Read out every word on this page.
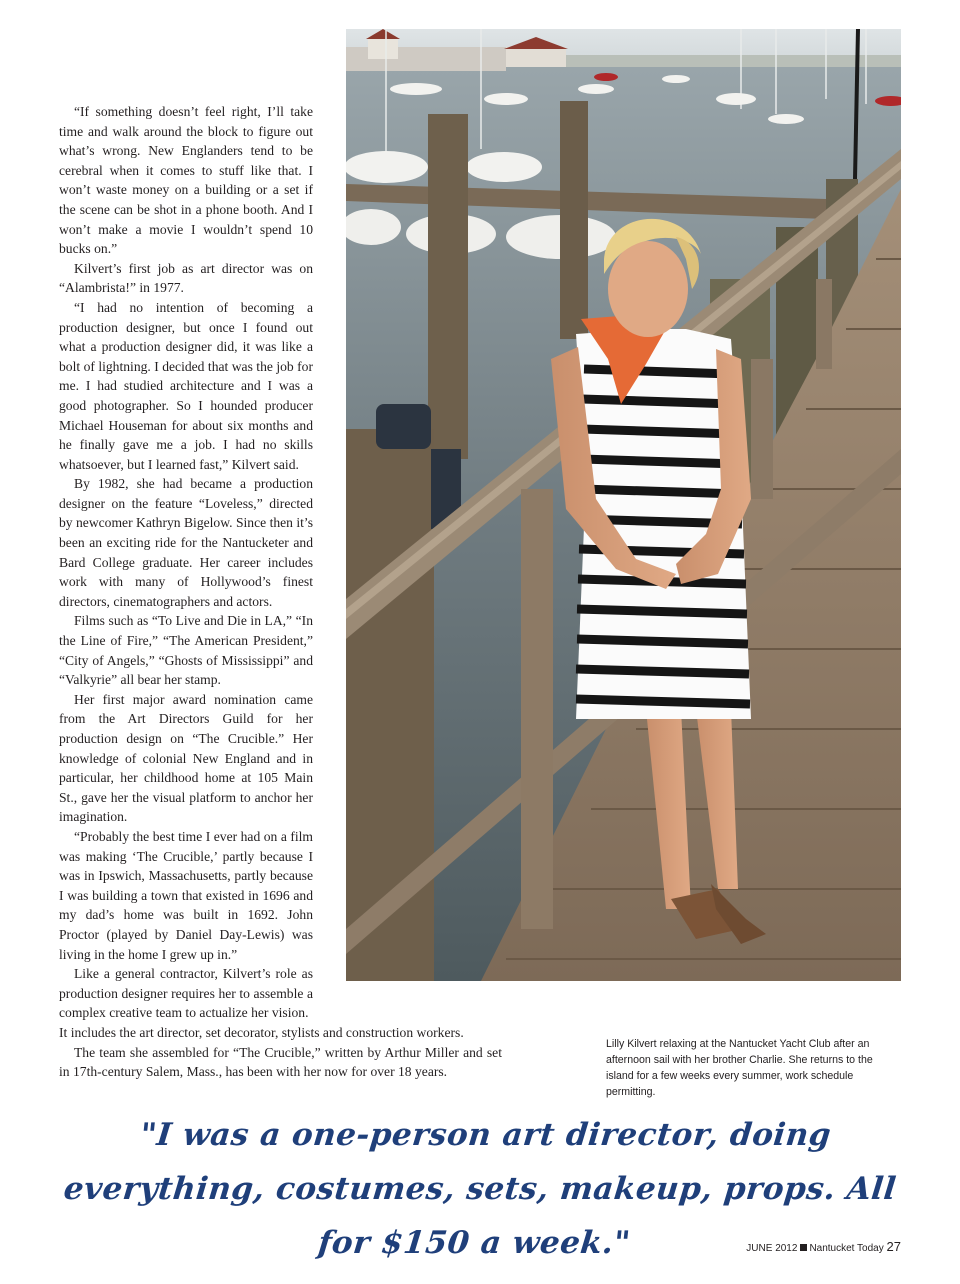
“If something doesn’t feel right, I’ll take time and walk around the block to figure out what’s wrong. New Englanders tend to be cerebral when it comes to stuff like that. I won’t waste money on a building or a set if the scene can be shot in a phone booth. And I won’t make a movie I wouldn’t spend 10 bucks on.”

Kilvert’s first job as art director was on “Alambrista!” in 1977.

“I had no intention of becoming a production designer, but once I found out what a production designer did, it was like a bolt of lightning. I decided that was the job for me. I had studied architecture and I was a good photographer. So I hounded producer Michael Houseman for about six months and he finally gave me a job. I had no skills whatsoever, but I learned fast,” Kilvert said.

By 1982, she had became a production designer on the feature “Loveless,” directed by newcomer Kathryn Bigelow. Since then it’s been an exciting ride for the Nantucketer and Bard College graduate. Her career includes work with many of Hollywood’s finest directors, cinematographers and actors.

Films such as “To Live and Die in LA,” “In the Line of Fire,” “The American President,” “City of Angels,” “Ghosts of Mississippi” and “Valkyrie” all bear her stamp.

Her first major award nomination came from the Art Directors Guild for her production design on “The Crucible.” Her knowledge of colonial New England and in particular, her childhood home at 105 Main St., gave her the visual platform to anchor her imagination.

“Probably the best time I ever had on a film was making ‘The Crucible,’ partly because I was in Ipswich, Massachusetts, partly because I was building a town that existed in 1696 and my dad’s home was built in 1692. John Proctor (played by Daniel Day-Lewis) was living in the home I grew up in.”

Like a general contractor, Kilvert’s role as production designer requires her to assemble a complex creative team to actualize her vision.

It includes the art director, set decorator, stylists and construction workers.

The team she assembled for “The Crucible,” written by Arthur Miller and set in 17th-century Salem, Mass., has been with her now for over 18 years.

Lilly Kilvert relaxing at the Nantucket Yacht Club after an afternoon sail with her brother Charlie. She returns to the island for a few weeks every summer, work schedule permitting.
"I was a one-person art director, doing everything, costumes, sets, makeup, props. All for $150 a week."	JUNE 2012 Nantucket Today 27
